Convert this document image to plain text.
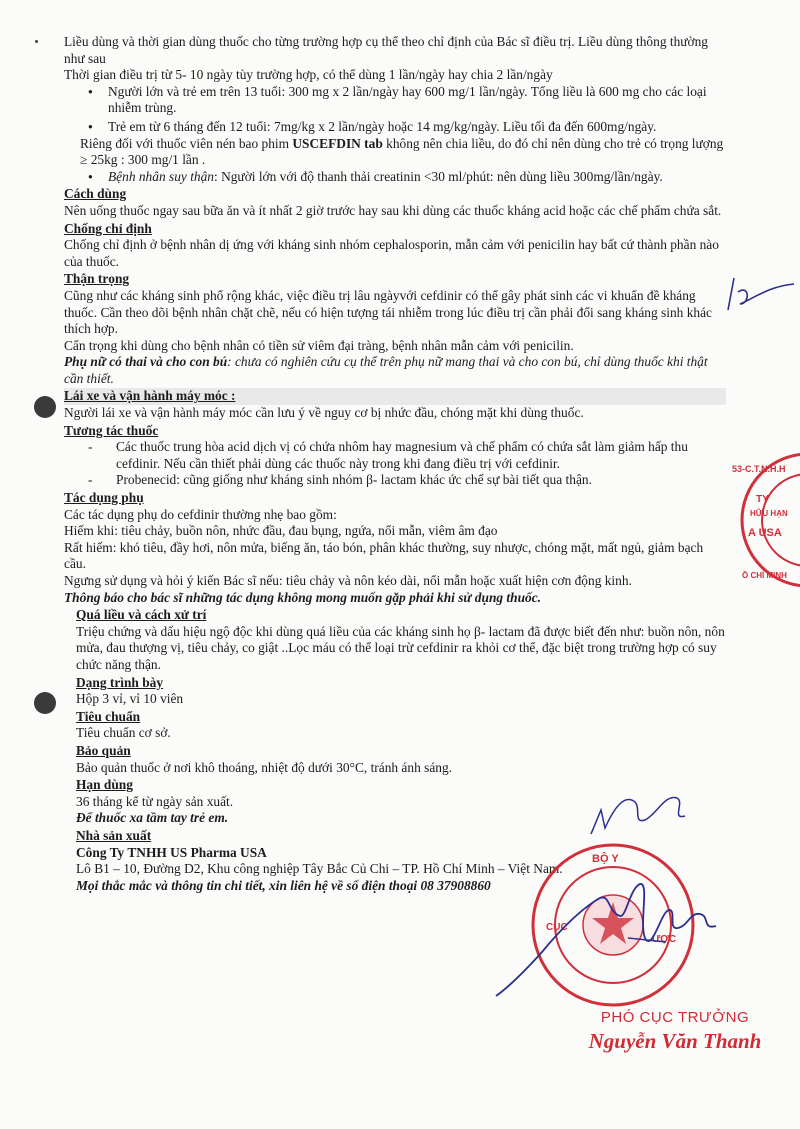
Liều dùng và thời gian dùng thuốc cho từng trường hợp cụ thể theo chỉ định của Bác sĩ điều trị. Liều dùng thông thường như sau

Thời gian điều trị từ 5- 10 ngày tùy trường hợp, có thể dùng 1 lần/ngày hay chia 2 lần/ngày

● Người lớn và trẻ em trên 13 tuổi: 300 mg x 2 lần/ngày hay 600 mg/1 lần/ngày. Tổng liều là 600 mg cho các loại nhiễm trùng.
● Trẻ em từ 6 tháng đến 12 tuổi: 7mg/kg x 2 lần/ngày hoặc 14 mg/kg/ngày. Liều tối đa đến 600mg/ngày.

Riêng đối với thuốc viên nén bao phim USCEFDIN tab không nên chia liều, do đó chỉ nên dùng cho trẻ có trọng lượng ≥ 25kg : 300 mg/1 lần .

● Bệnh nhân suy thận: Người lớn với độ thanh thải creatinin <30 ml/phút: nên dùng liều 300mg/lần/ngày.

Cách dùng

Nên uống thuốc ngay sau bữa ăn và ít nhất 2 giờ trước hay sau khi dùng các thuốc kháng acid hoặc các chế phẩm chứa sắt.

Chống chỉ định

Chống chỉ định ở bệnh nhân dị ứng với kháng sinh nhóm cephalosporin, mẫn cảm với penicilin hay bất cứ thành phần nào của thuốc.

Thận trọng

Cũng như các kháng sinh phổ rộng khác, việc điều trị lâu ngàyvới cefdinir có thể gây phát sinh các vi khuẩn đề kháng thuốc. Cần theo dõi bệnh nhân chặt chẽ, nếu có hiện tượng tái nhiễm trong lúc điều trị cần phải đổi sang kháng sinh khác thích hợp.

Cẩn trọng khi dùng cho bệnh nhân có tiền sử viêm đại tràng, bệnh nhân mẫn cảm với penicilin.

Phụ nữ có thai và cho con bú: chưa có nghiên cứu cụ thể trên phụ nữ mang thai và cho con bú, chỉ dùng thuốc khi thật cần thiết.

Lái xe và vận hành máy móc :

Người lái xe và vận hành máy móc cần lưu ý về nguy cơ bị nhức đầu, chóng mặt khi dùng thuốc.

Tương tác thuốc

- Các thuốc trung hòa acid dịch vị có chứa nhôm hay magnesium và chế phẩm có chứa sắt làm giảm hấp thu cefdinir. Nếu cần thiết phải dùng các thuốc này trong khi đang điều trị với cefdinir.
- Probenecid: cũng giống như kháng sinh nhóm β- lactam khác ức chế sự bài tiết qua thận.

Tác dụng phụ

Các tác dụng phụ do cefdinir thường nhẹ bao gồm:

Hiếm khi: tiêu chảy, buồn nôn, nhức đầu, đau bụng, ngứa, nổi mẫn, viêm âm đạo

Rất hiếm: khó tiêu, đầy hơi, nôn mửa, biếng ăn, táo bón, phân khác thường, suy nhược, chóng mặt, mất ngủ, giảm bạch cầu.

Ngưng sử dụng và hỏi ý kiến Bác sĩ nếu: tiêu chảy và nôn kéo dài, nổi mẫn hoặc xuất hiện cơn động kinh.

Thông báo cho bác sĩ những tác dụng không mong muốn gặp phải khi sử dụng thuốc.

Quá liều và cách xử trí

Triệu chứng và dấu hiệu ngộ độc khi dùng quá liều của các kháng sinh họ β- lactam đã được biết đến như: buồn nôn, nôn mửa, đau thượng vị, tiêu chảy, co giật ..Lọc máu có thể loại trừ cefdinir ra khỏi cơ thể, đặc biệt trong trường hợp có suy chức năng thận.

Dạng trình bày

Hộp 3 vỉ, vỉ 10 viên

Tiêu chuẩn

Tiêu chuẩn cơ sở.

Bảo quản

Bảo quản thuốc ở nơi khô thoáng, nhiệt độ dưới 30°C, tránh ánh sáng.

Hạn dùng

36 tháng kể từ ngày sản xuất.

Để thuốc xa tầm tay trẻ em.

Nhà sản xuất

Công Ty TNHH US Pharma USA

Lô B1 – 10, Đường D2, Khu công nghiệp Tây Bắc Củ Chi – TP. Hồ Chí Minh – Việt Nam.

Mọi thắc mắc và thông tin chi tiết, xin liên hệ về số điện thoại 08 37908860

53-C.T.N.H.H
TY
HỮU HẠN
A USA
Ồ CHÍ MINH
BỘ Y
CỤC
ƯỢC
PHÓ CỤC TRƯỞNG
Nguyễn Văn Thanh
